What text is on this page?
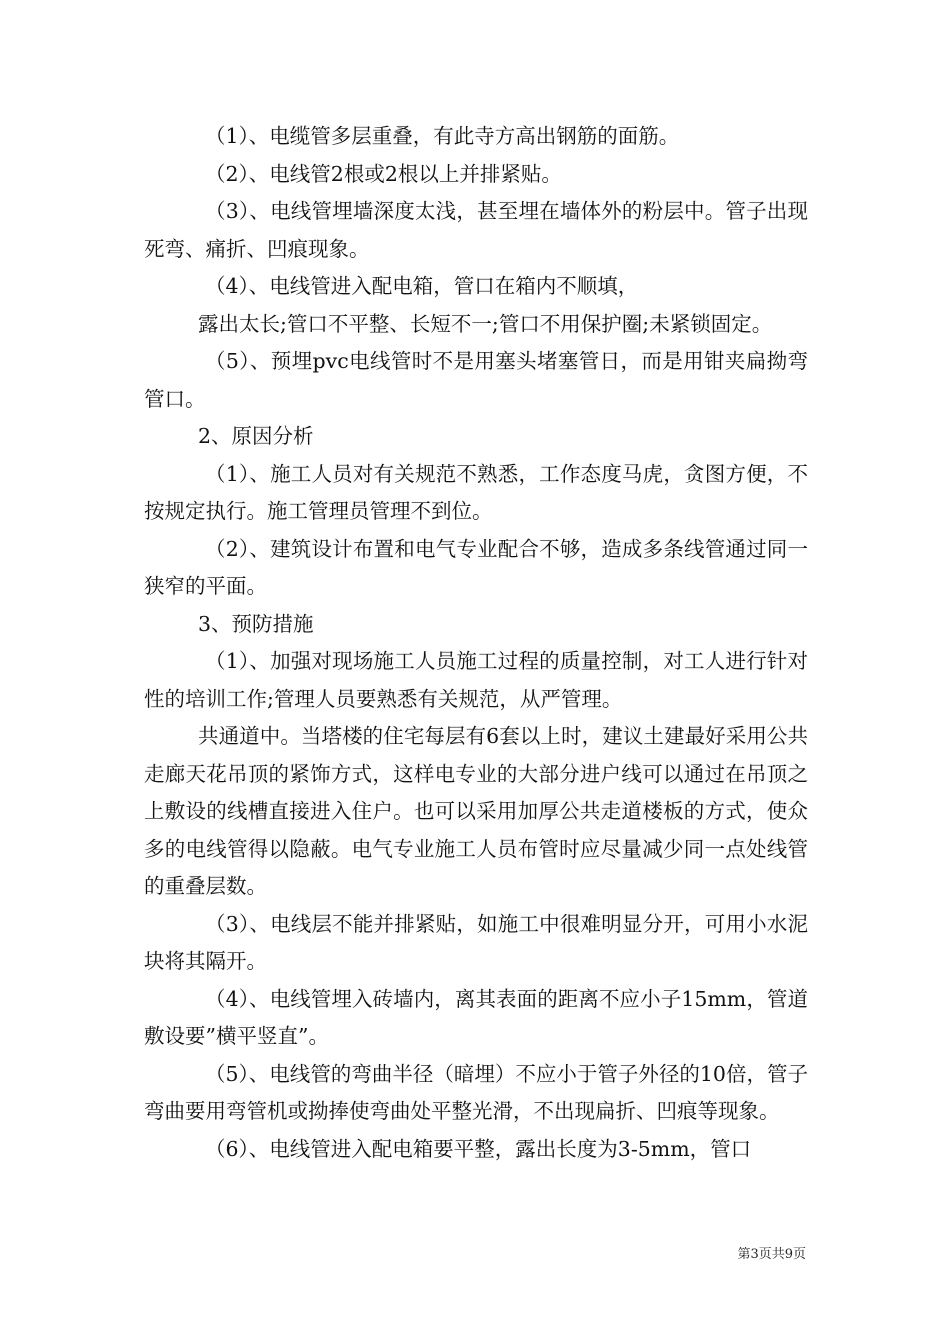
（1）、电缆管多层重叠，有此寺方高出钢筋的面筋。

（2）、电线管2根或2根以上并排紧贴。

（3）、电线管埋墙深度太浅，甚至埋在墙体外的粉层中。管子出现死弯、痛折、凹痕现象。

（4）、电线管进入配电箱，管口在箱内不顺填，

露出太长;管口不平整、长短不一;管口不用保护圈;未紧锁固定。

（5）、预埋pvc电线管时不是用塞头堵塞管日，而是用钳夹扁拗弯管口。

2、原因分析

（1）、施工人员对有关规范不熟悉，工作态度马虎，贪图方便，不按规定执行。施工管理员管理不到位。

（2）、建筑设计布置和电气专业配合不够，造成多条线管通过同一狭窄的平面。

3、预防措施

（1）、加强对现场施工人员施工过程的质量控制，对工人进行针对性的培训工作;管理人员要熟悉有关规范，从严管理。

共通道中。当塔楼的住宅每层有6套以上时，建议土建最好采用公共走廊天花吊顶的紧饰方式，这样电专业的大部分进户线可以通过在吊顶之上敷设的线槽直接进入住户。也可以采用加厚公共走道楼板的方式，使众多的电线管得以隐蔽。电气专业施工人员布管时应尽量减少同一点处线管的重叠层数。

（3）、电线层不能并排紧贴，如施工中很难明显分开，可用小水泥块将其隔开。

（4）、电线管埋入砖墙内，离其表面的距离不应小子15mm，管道敷设要”横平竖直”。

（5）、电线管的弯曲半径（暗埋）不应小于管子外径的10倍，管子弯曲要用弯管机或拗捧使弯曲处平整光滑，不出现扁折、凹痕等现象。

（6）、电线管进入配电箱要平整，露出长度为3-5mm，管口

第3页共9页
